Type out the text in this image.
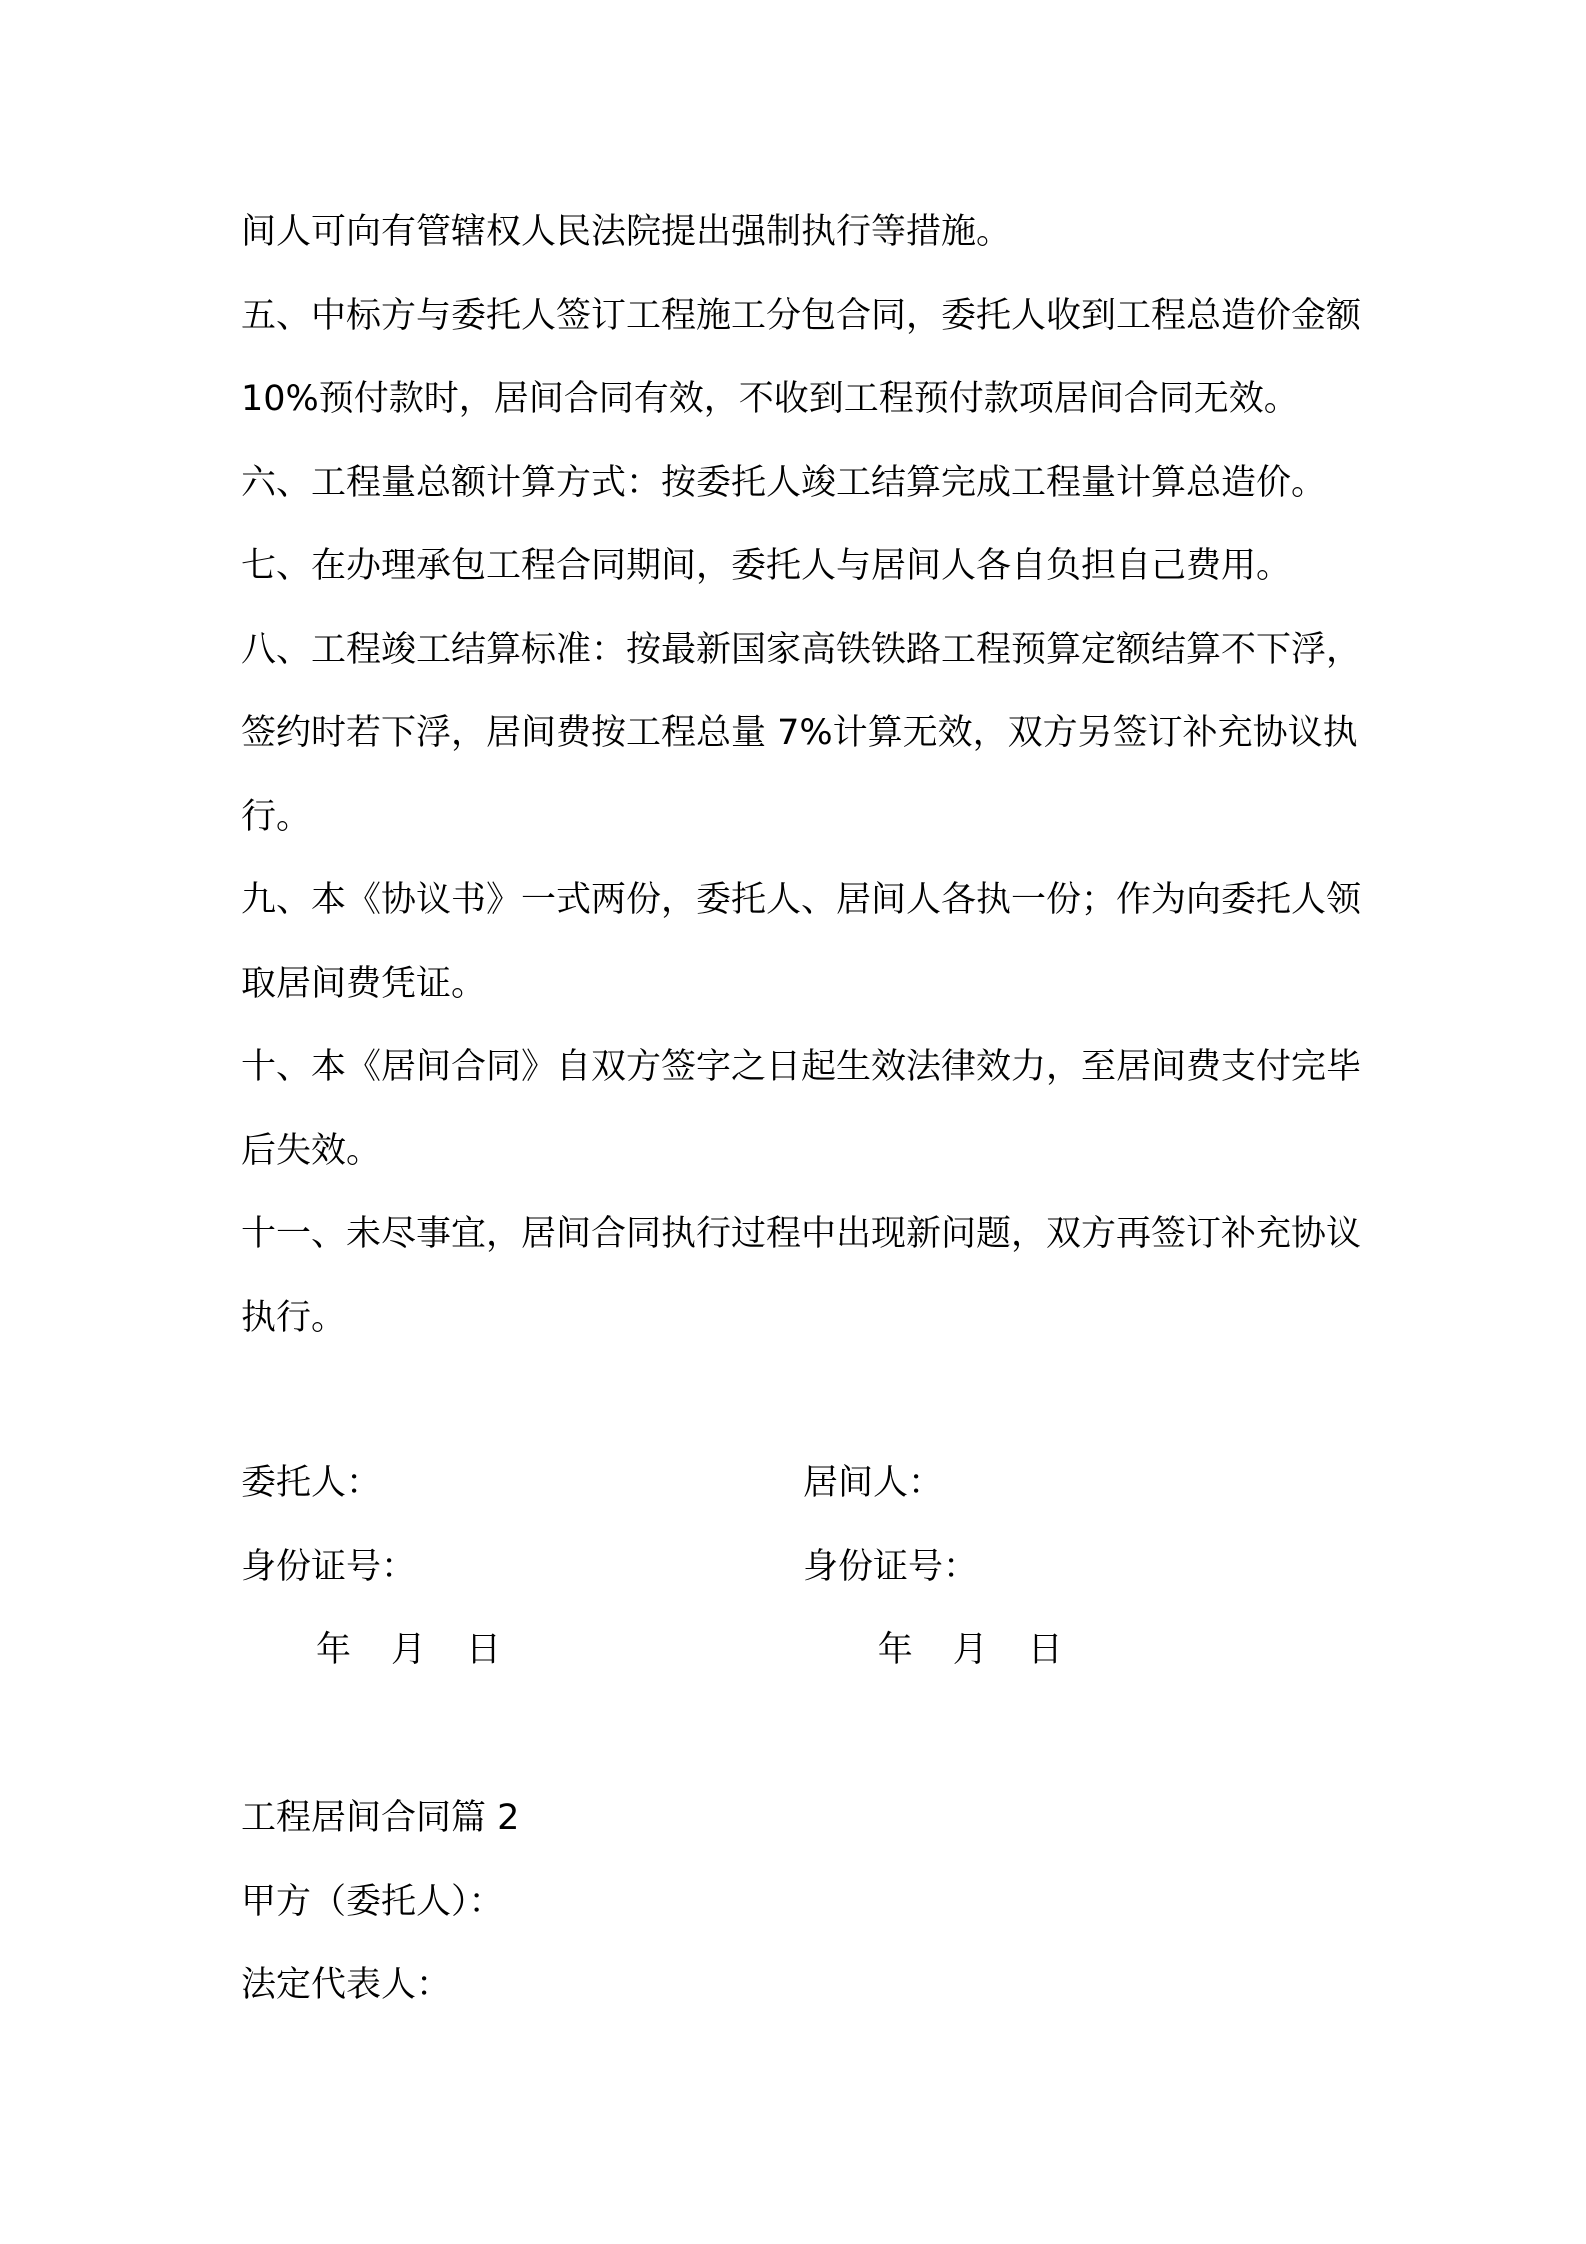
间人可向有管辖权人民法院提出强制执行等措施。

五、中标方与委托人签订工程施工分包合同，委托人收到工程总造价金额 10%预付款时，居间合同有效，不收到工程预付款项居间合同无效。

六、工程量总额计算方式：按委托人竣工结算完成工程量计算总造价。

七、在办理承包工程合同期间，委托人与居间人各自负担自己费用。

八、工程竣工结算标准：按最新国家高铁铁路工程预算定额结算不下浮，签约时若下浮，居间费按工程总量 7%计算无效，双方另签订补充协议执行。

九、本《协议书》一式两份，委托人、居间人各执一份；作为向委托人领取居间费凭证。

十、本《居间合同》自双方签字之日起生效法律效力，至居间费支付完毕后失效。

十一、未尽事宜，居间合同执行过程中出现新问题，双方再签订补充协议执行。

委托人：	居间人：
身份证号：	身份证号：
年 月 日	年 月 日

工程居间合同篇 2

甲方（委托人）：

法定代表人：
